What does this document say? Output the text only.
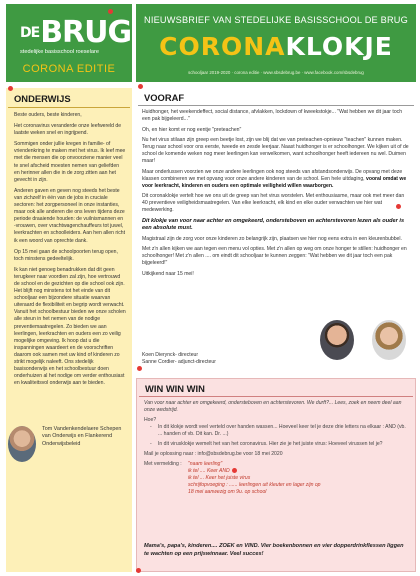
$^{DE}$BRUG
stedelijke basisschool roeselare
CORONA EDITIE
NIEUWSBRIEF VAN STEDELIJKE BASISSCHOOL DE BRUG
CORONAKLOKJE
schooljaar 2019-2020 · corona editie · www.sbsdebrug.be · www.facebook.com/sbsdebrug
ONDERWIJS

Beste ouders, beste kinderen,

Het coronavirus veranderde onze leefwereld de laatste weken snel en ingrijpend.

Sommigen onder jullie kregen in familie- of vriendenkring te maken met het virus. Ik leef mee met die mensen die op onvoorziene manier veel te snel afscheid moesten nemen van geliefden en herinner allen die in de zorg zitten aan het gevecht in zijn.

Anderen gaven en geven nog steeds het beste van zichzelf in één van de jobs in cruciale sectoren: het zorgpersoneel in onze instanties, maar ook alle anderen die ons leven tijdens deze periode draaiende houden: de vuilnismannen en -vrouwen, over vrachtwagenchauffeurs tot juwel, leerkrachten en schoolleiders. Aan hen allen richt ik een woord van oprechte dank.

Op 15 mei gaan de schoolpoorten terug open, toch minstens gedeeltelijk.

Ik kan niet genoeg benadrukken dat dit geen terugkeer naar voordien zal zijn, hoe vertrouwd de school en de gezichten op die school ook zijn. Het blijft nog minstens tot het einde van dit schooljaar een bijzondere situatie waarvan uiteraard de flexibiliteit en begrip wordt verwacht. Vanuit het schoolbestuur bieden we onze scholen alle steun in het nemen van de nodige preventiemaatregelen. Zo bieden we aan leerlingen, leerkrachten en ouders een zo veilig mogelijke omgeving. Ik hoop dat u die inspanningen waardeert en de voorschriften daarom ook samen met uw kind of kinderen zo strikt mogelijk naleeft. Ons stedelijk basisonderwijs en het schoolbestuur doen onderhuizen al het nodige om verder enthousiast en kwaliteitsvol onderwijs aan te bieden.

Tom Vandenkendelaere Schepen van Onderwijs en Flankerend Onderwijsbeleid
VOORAF

Huidhonger, het weekendeffect, social distance, afvlakken, lockdown of kweekstokje... "Wat hebben we dit jaar toch een pak bijgeleerd..."

Oh, en hier komt er nog eentje "preteachen"

Nu het virus stilaan zijn greep een beetje lost, zijn we blij dat we van preteachen-opnieuw "teachen" kunnen maken. Terug naar school voor ons eerste, tweede en zesde leerjaar. Naast huidhonger is er schoolhonger. We kijken uit of de school de komende weken nog meer leerlingen kan verwelkomen, want schoolhonger heeft iedereen nu wel. Duimen maar!

Maar onderlussen voorzien we onze andere leerlingen ook nog steeds van afstandsonderwijs. De opvang met deze klassen combineren we met opvang voor onze andere kinderen van de school. Een hele uitdaging, vooral omdat we voor leerkracht, kinderen en ouders een optimale veiligheid willen waarborgen.

Dit coronaklokje vertelt hoe we ons uit de greep van het virus worstelen. Met enthousiasme, maar ook met meer dan 40 preventieve veiligheidsmaatregelen. Van elke leerkracht, elk kind en elke ouder verwachten we hier wat medewerking.

Dit klokje van voor naar achter en omgekeerd, ondersteboven en achterstevoren lezen als ouder is een absolute must.

Magistraal zijn de zorg voor onze kinderen zo belangrijk zijn, plaatsen we hier nog eens extra in een kleurenbubbel.

Met z'n allen kijken we aan tegen een menu vol opties. Met z'n allen op weg om onze honger te stillen: huidhonger en schoolhonger! Met z'n allen .... om eindt dit schooljaar te kunnen zeggen: "Wat hebben we dit jaar toch een pak bijgeleerd!"

Uitkijkend naar 15 mei!

Koen Dierynck- directeur
Sanne Cordier- adjunct-directeur
WIN WIN WIN

Van voor naar achter en omgekeerd, ondersteboven en achterstevoren. We durft?... Lees, zoek en neem deel aan onze wedstrijd.

Hoe?

- In dit klokje wordt veel verteld over handen wassen... Hoeveel keer tel je deze drie letters na elkaar : AND (vb. ... handen of vb. Dit kan. Dr. ...)
- In dit virusklokje wemelt het van het coronavirus. Hier zie je het juiste virus: Hoeveel virussen tel je?

Mail je oplossing naar : info@sbsdebrug.be voor 18 mei 2020

Met vermelding :	"naam leerling"
ik tel .... Keer AND
ik tel ... Keer het juiste virus
schrijfopvoeging : ...... leerlingen uit kleuter en lager zijn op
18 mei aanwezig om 9u. op school
Mama's, papa's, kinderen.... ZOEK en VIND. Vier boekenbonnen en vier dopperdrinkflessen liggen te wachten op een prijswinnaar. Veel succes!
